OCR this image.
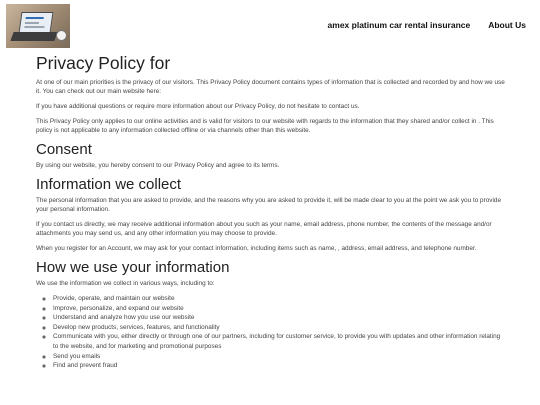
amex platinum car rental insurance About Us
Privacy Policy for

At one of our main priorities is the privacy of our visitors. This Privacy Policy document contains types of information that is collected and recorded by and how we use it. You can check out our main website here:

If you have additional questions or require more information about our Privacy Policy, do not hesitate to contact us.

This Privacy Policy only applies to our online activities and is valid for visitors to our website with regards to the information that they shared and/or collect in . This policy is not applicable to any information collected offline or via channels other than this website.

Consent

By using our website, you hereby consent to our Privacy Policy and agree to its terms.

Information we collect

The personal information that you are asked to provide, and the reasons why you are asked to provide it, will be made clear to you at the point we ask you to provide your personal information.

If you contact us directly, we may receive additional information about you such as your name, email address, phone number, the contents of the message and/or attachments you may send us, and any other information you may choose to provide.

When you register for an Account, we may ask for your contact information, including items such as name, , address, email address, and telephone number.

How we use your information

We use the information we collect in various ways, including to:

◦ Provide, operate, and maintain our website
◦ Improve, personalize, and expand our website
◦ Understand and analyze how you use our website
◦ Develop new products, services, features, and functionality
◦ Communicate with you, either directly or through one of our partners, including for customer service, to provide you with updates and other information relating to the website, and for marketing and promotional purposes
◦ Send you emails
◦ Find and prevent fraud
